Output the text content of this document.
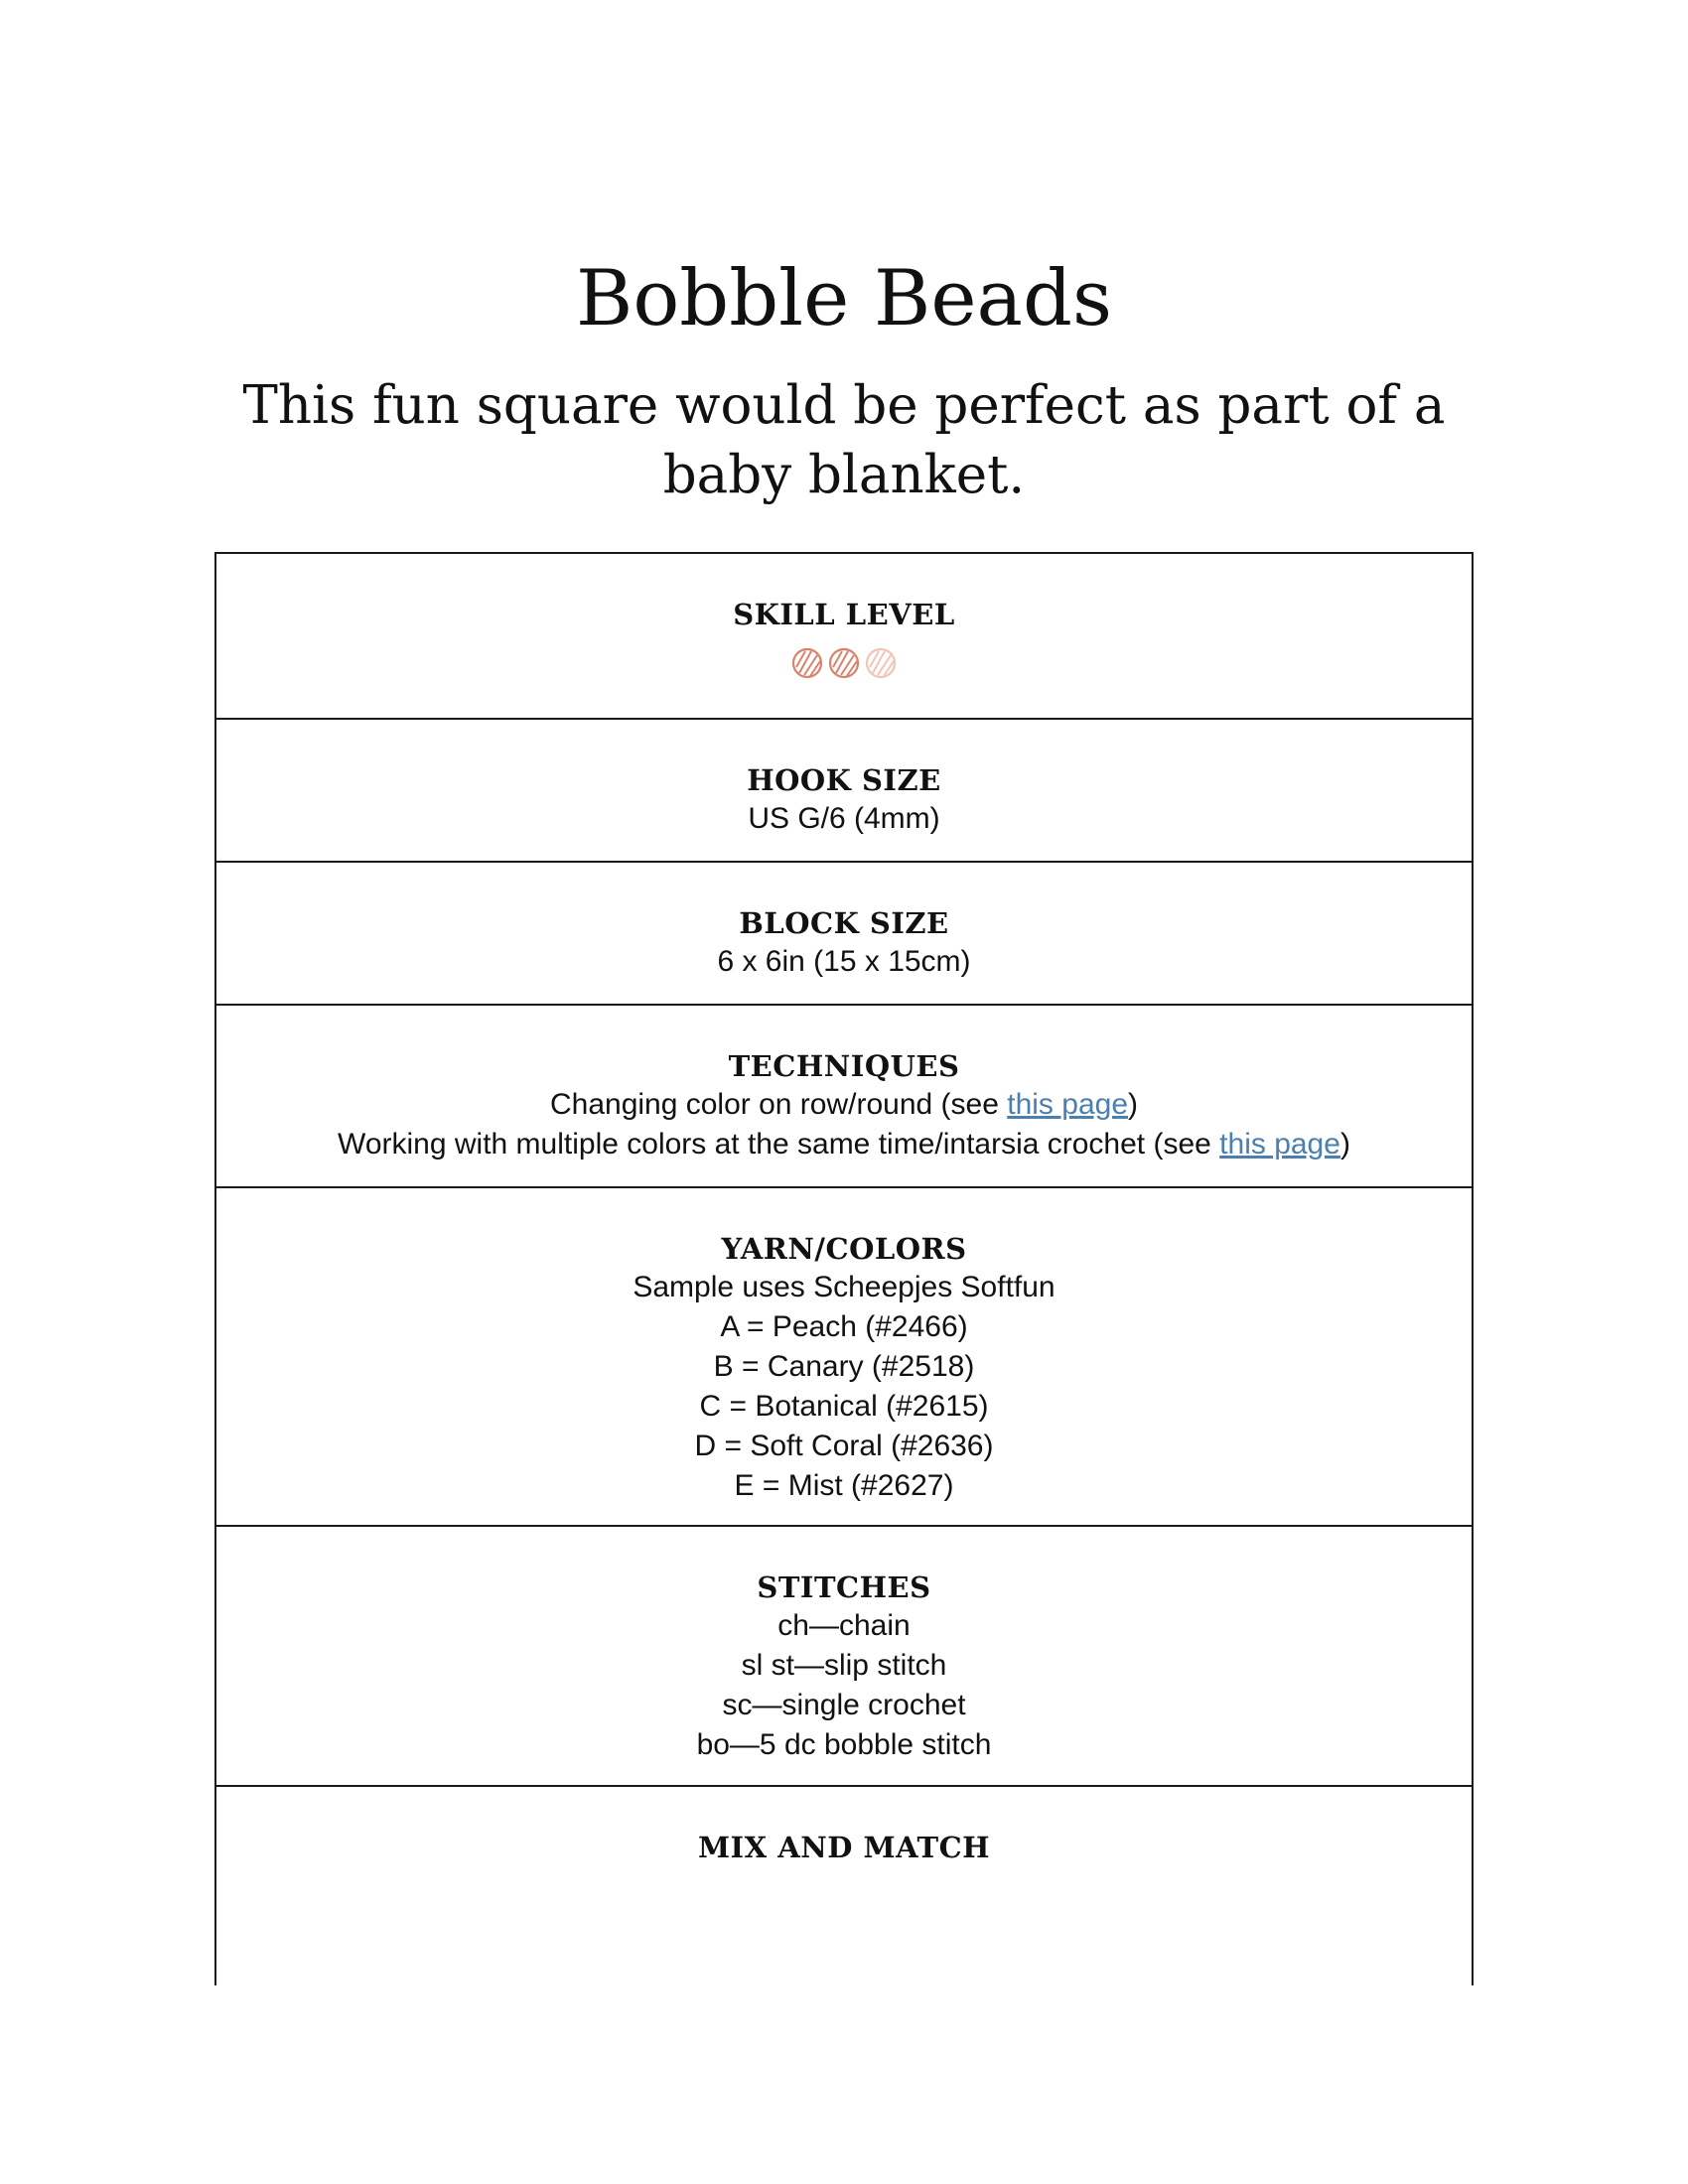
Bobble Beads
This fun square would be perfect as part of a baby blanket.
SKILL LEVEL
HOOK SIZE
US G/6 (4mm)
BLOCK SIZE
6 x 6in (15 x 15cm)
TECHNIQUES
Changing color on row/round (see this page)
Working with multiple colors at the same time/intarsia crochet (see this page)
YARN/COLORS
Sample uses Scheepjes Softfun
A = Peach (#2466)
B = Canary (#2518)
C = Botanical (#2615)
D = Soft Coral (#2636)
E = Mist (#2627)
STITCHES
ch—chain
sl st—slip stitch
sc—single crochet
bo—5 dc bobble stitch
MIX AND MATCH
